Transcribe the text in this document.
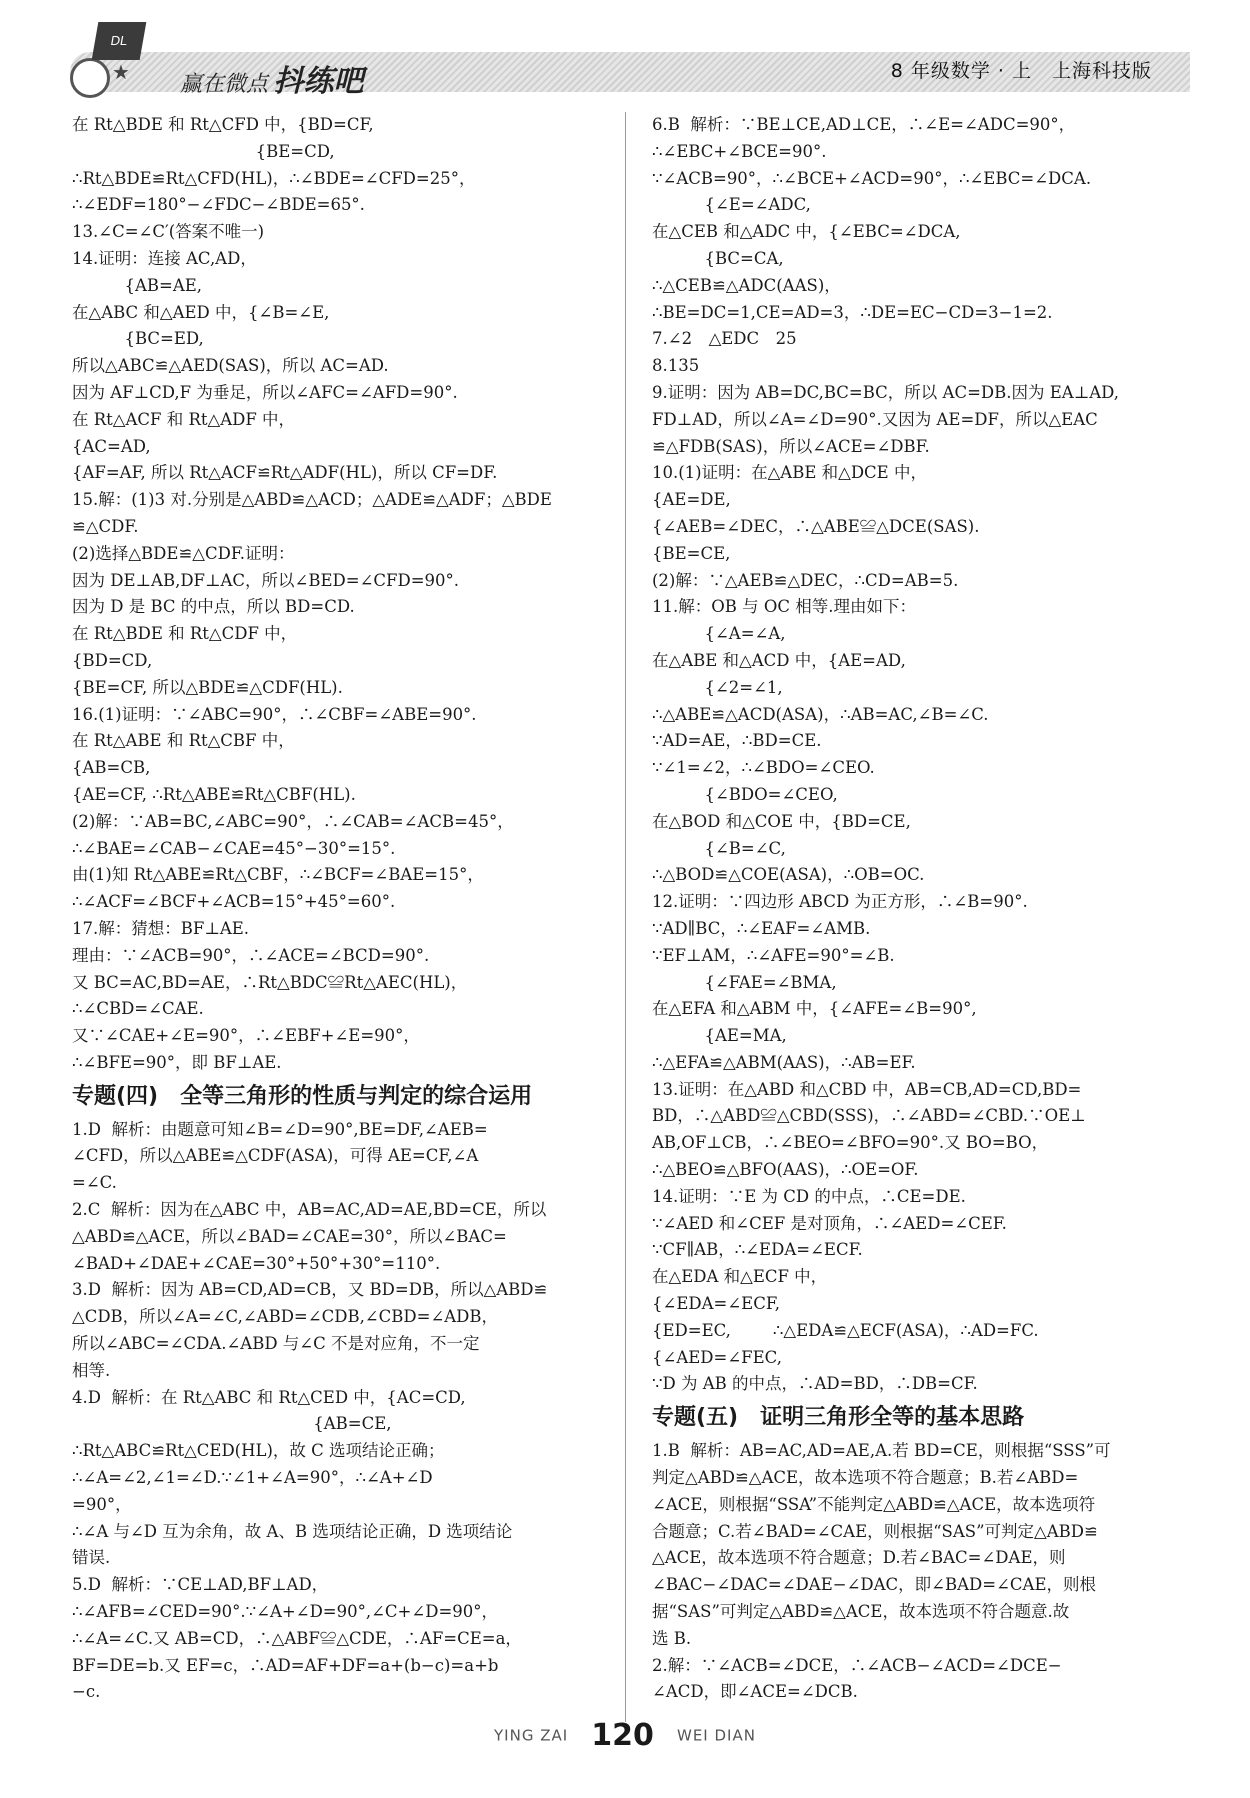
赢在微点 抖练吧
DL
★	8 年级数学 · 上　上海科技版
在 Rt△BDE 和 Rt△CFD 中，{BD=CF,
{BE=CD,
∴Rt△BDE≌Rt△CFD(HL)，∴∠BDE=∠CFD=25°，
∴∠EDF=180°−∠FDC−∠BDE=65°.
13.∠C=∠C′(答案不唯一)
14.证明：连接 AC,AD，
{AB=AE,
在△ABC 和△AED 中，{∠B=∠E,
{BC=ED,
所以△ABC≌△AED(SAS)，所以 AC=AD.
因为 AF⊥CD,F 为垂足，所以∠AFC=∠AFD=90°.
在 Rt△ACF 和 Rt△ADF 中，
{AC=AD,
{AF=AF, 所以 Rt△ACF≌Rt△ADF(HL)，所以 CF=DF.
15.解：(1)3 对.分别是△ABD≌△ACD；△ADE≌△ADF；△BDE
≌△CDF.
(2)选择△BDE≌△CDF.证明：
因为 DE⊥AB,DF⊥AC，所以∠BED=∠CFD=90°.
因为 D 是 BC 的中点，所以 BD=CD.
在 Rt△BDE 和 Rt△CDF 中，
{BD=CD,
{BE=CF, 所以△BDE≌△CDF(HL).
16.(1)证明：∵∠ABC=90°，∴∠CBF=∠ABE=90°.
在 Rt△ABE 和 Rt△CBF 中，
{AB=CB,
{AE=CF, ∴Rt△ABE≌Rt△CBF(HL).
(2)解：∵AB=BC,∠ABC=90°，∴∠CAB=∠ACB=45°，
∴∠BAE=∠CAB−∠CAE=45°−30°=15°.
由(1)知 Rt△ABE≌Rt△CBF，∴∠BCF=∠BAE=15°，
∴∠ACF=∠BCF+∠ACB=15°+45°=60°.
17.解：猜想：BF⊥AE.
理由：∵∠ACB=90°，∴∠ACE=∠BCD=90°.
又 BC=AC,BD=AE，∴Rt△BDC≌Rt△AEC(HL)，
∴∠CBD=∠CAE.
又∵∠CAE+∠E=90°，∴∠EBF+∠E=90°，
∴∠BFE=90°，即 BF⊥AE.
专题(四)　全等三角形的性质与判定的综合运用
1.D  解析：由题意可知∠B=∠D=90°,BE=DF,∠AEB=
∠CFD，所以△ABE≌△CDF(ASA)，可得 AE=CF,∠A
=∠C.
2.C  解析：因为在△ABC 中，AB=AC,AD=AE,BD=CE，所以
△ABD≌△ACE，所以∠BAD=∠CAE=30°，所以∠BAC=
∠BAD+∠DAE+∠CAE=30°+50°+30°=110°.
3.D  解析：因为 AB=CD,AD=CB，又 BD=DB，所以△ABD≌
△CDB，所以∠A=∠C,∠ABD=∠CDB,∠CBD=∠ADB，
所以∠ABC=∠CDA.∠ABD 与∠C 不是对应角，不一定
相等.
4.D  解析：在 Rt△ABC 和 Rt△CED 中，{AC=CD,
{AB=CE,
∴Rt△ABC≌Rt△CED(HL)，故 C 选项结论正确；
∴∠A=∠2,∠1=∠D.∵∠1+∠A=90°，∴∠A+∠D
=90°，
∴∠A 与∠D 互为余角，故 A、B 选项结论正确，D 选项结论
错误.
5.D  解析：∵CE⊥AD,BF⊥AD，
∴∠AFB=∠CED=90°.∵∠A+∠D=90°,∠C+∠D=90°，
∴∠A=∠C.又 AB=CD，∴△ABF≌△CDE，∴AF=CE=a，
BF=DE=b.又 EF=c，∴AD=AF+DF=a+(b−c)=a+b
−c.
6.B  解析：∵BE⊥CE,AD⊥CE，∴∠E=∠ADC=90°，
∴∠EBC+∠BCE=90°.
∵∠ACB=90°，∴∠BCE+∠ACD=90°，∴∠EBC=∠DCA.
{∠E=∠ADC,
在△CEB 和△ADC 中，{∠EBC=∠DCA,
{BC=CA,
∴△CEB≌△ADC(AAS)，
∴BE=DC=1,CE=AD=3，∴DE=EC−CD=3−1=2.
7.∠2　△EDC　25
8.135
9.证明：因为 AB=DC,BC=BC，所以 AC=DB.因为 EA⊥AD,
FD⊥AD，所以∠A=∠D=90°.又因为 AE=DF，所以△EAC
≌△FDB(SAS)，所以∠ACE=∠DBF.
10.(1)证明：在△ABE 和△DCE 中，
{AE=DE,
{∠AEB=∠DEC，∴△ABE≌△DCE(SAS).
{BE=CE,
(2)解：∵△AEB≌△DEC，∴CD=AB=5.
11.解：OB 与 OC 相等.理由如下：
{∠A=∠A,
在△ABE 和△ACD 中，{AE=AD,
{∠2=∠1,
∴△ABE≌△ACD(ASA)，∴AB=AC,∠B=∠C.
∵AD=AE，∴BD=CE.
∵∠1=∠2，∴∠BDO=∠CEO.
{∠BDO=∠CEO,
在△BOD 和△COE 中，{BD=CE,
{∠B=∠C,
∴△BOD≌△COE(ASA)，∴OB=OC.
12.证明：∵四边形 ABCD 为正方形，∴∠B=90°.
∵AD∥BC，∴∠EAF=∠AMB.
∵EF⊥AM，∴∠AFE=90°=∠B.
{∠FAE=∠BMA,
在△EFA 和△ABM 中，{∠AFE=∠B=90°,
{AE=MA,
∴△EFA≌△ABM(AAS)，∴AB=EF.
13.证明：在△ABD 和△CBD 中，AB=CB,AD=CD,BD=
BD，∴△ABD≌△CBD(SSS)，∴∠ABD=∠CBD.∵OE⊥
AB,OF⊥CB，∴∠BEO=∠BFO=90°.又 BO=BO，
∴△BEO≌△BFO(AAS)，∴OE=OF.
14.证明：∵E 为 CD 的中点，∴CE=DE.
∵∠AED 和∠CEF 是对顶角，∴∠AED=∠CEF.
∵CF∥AB，∴∠EDA=∠ECF.
在△EDA 和△ECF 中，
{∠EDA=∠ECF,
{ED=EC,        ∴△EDA≌△ECF(ASA)，∴AD=FC.
{∠AED=∠FEC,
∵D 为 AB 的中点，∴AD=BD，∴DB=CF.
专题(五)　证明三角形全等的基本思路
1.B  解析：AB=AC,AD=AE,A.若 BD=CE，则根据“SSS”可
判定△ABD≌△ACE，故本选项不符合题意；B.若∠ABD=
∠ACE，则根据“SSA”不能判定△ABD≌△ACE，故本选项符
合题意；C.若∠BAD=∠CAE，则根据“SAS”可判定△ABD≌
△ACE，故本选项不符合题意；D.若∠BAC=∠DAE，则
∠BAC−∠DAC=∠DAE−∠DAC，即∠BAD=∠CAE，则根
据“SAS”可判定△ABD≌△ACE，故本选项不符合题意.故
选 B.
2.解：∵∠ACB=∠DCE，∴∠ACB−∠ACD=∠DCE−
∠ACD，即∠ACE=∠DCB.
YING ZAI 120 WEI DIAN
